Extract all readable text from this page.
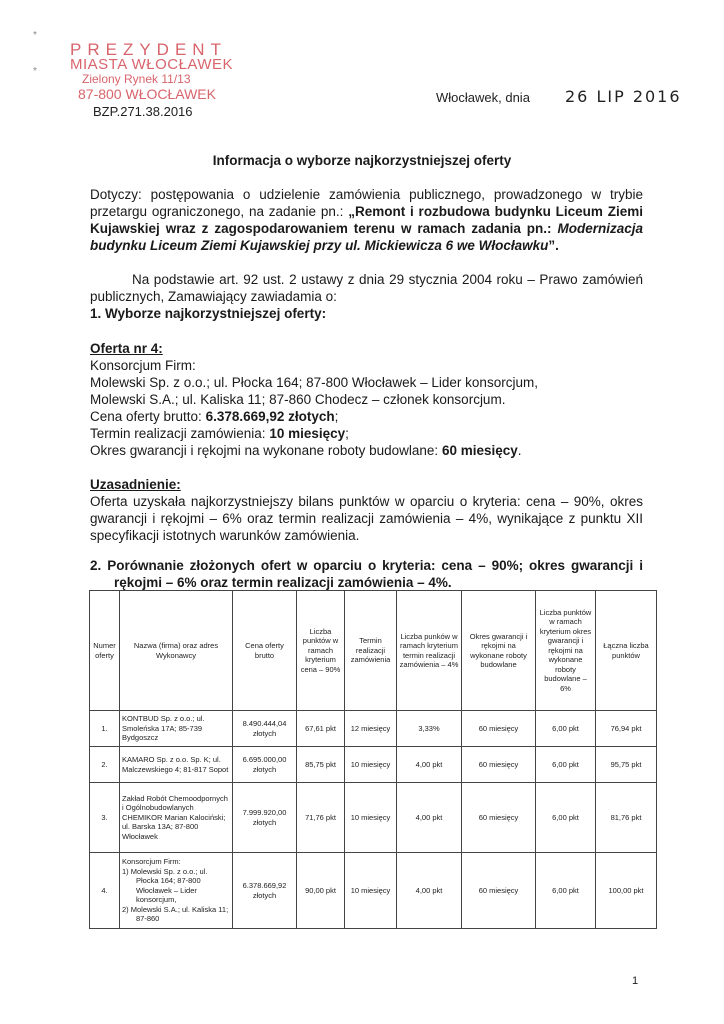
*
*
PREZYDENT
MIASTA WŁOCŁAWEK
Zielony Rynek 11/13
87-800 WŁOCŁAWEK
BZP.271.38.2016
Włocławek, dnia 26 LIP 2016
Informacja o wyborze najkorzystniejszej oferty
Dotyczy: postępowania o udzielenie zamówienia publicznego, prowadzonego w trybie przetargu ograniczonego, na zadanie pn.: „Remont i rozbudowa budynku Liceum Ziemi Kujawskiej wraz z zagospodarowaniem terenu w ramach zadania pn.: Modernizacja budynku Liceum Ziemi Kujawskiej przy ul. Mickiewicza 6 we Włocławku”.
Na podstawie art. 92 ust. 2 ustawy z dnia 29 stycznia 2004 roku – Prawo zamówień publicznych, Zamawiający zawiadamia o:
1. Wyborze najkorzystniejszej oferty:
Oferta nr 4:
Konsorcjum Firm:
Molewski Sp. z o.o.; ul. Płocka 164; 87-800 Włocławek – Lider konsorcjum,
Molewski S.A.; ul. Kaliska 11; 87-860 Chodecz – członek konsorcjum.
Cena oferty brutto: 6.378.669,92 złotych;
Termin realizacji zamówienia: 10 miesięcy;
Okres gwarancji i rękojmi na wykonane roboty budowlane: 60 miesięcy.
Uzasadnienie:
Oferta uzyskała najkorzystniejszy bilans punktów w oparciu o kryteria: cena – 90%, okres gwarancji i rękojmi – 6% oraz termin realizacji zamówienia – 4%, wynikające z punktu XII specyfikacji istotnych warunków zamówienia.
2. Porównanie złożonych ofert w oparciu o kryteria: cena – 90%; okres gwarancji i rękojmi – 6% oraz termin realizacji zamówienia – 4%.
Numer oferty	Nazwa (firma) oraz adres Wykonawcy	Cena oferty brutto	Liczba punktów w ramach kryterium cena – 90%	Termin realizacji zamówienia	Liczba punków w ramach kryterium termin realizacji zamówienia – 4%	Okres gwarancji i rękojmi na wykonane roboty budowlane	Liczba punktów w ramach kryterium okres gwarancji i rękojmi na wykonane roboty budowlane – 6%	Łączna liczba punktów
1.	KONTBUD Sp. z o.o.; ul. Smoleńska 17A; 85-739 Bydgoszcz	8.490.444,04 złotych	67,61 pkt	12 miesięcy	3,33%	60 miesięcy	6,00 pkt	76,94 pkt
2.	KAMARO Sp. z o.o. Sp. K; ul. Malczewskiego 4; 81-817 Sopot	6.695.000,00 złotych	85,75 pkt	10 miesięcy	4,00 pkt	60 miesięcy	6,00 pkt	95,75 pkt
3.	Zakład Robót Chemoodpornych i Ogólnobudowlanych CHEMIKOR Marian Kalociński; ul. Barska 13A; 87-800 Włocławek	7.999.920,00 złotych	71,76 pkt	10 miesięcy	4,00 pkt	60 miesięcy	6,00 pkt	81,76 pkt
4.	Konsorcjum Firm:
1) Molewski Sp. z o.o.; ul. Płocka 164; 87-800 Włocławek – Lider konsorcjum,
2) Molewski S.A.; ul. Kaliska 11; 87-860	6.378.669,92 złotych	90,00 pkt	10 miesięcy	4,00 pkt	60 miesięcy	6,00 pkt	100,00 pkt
1
